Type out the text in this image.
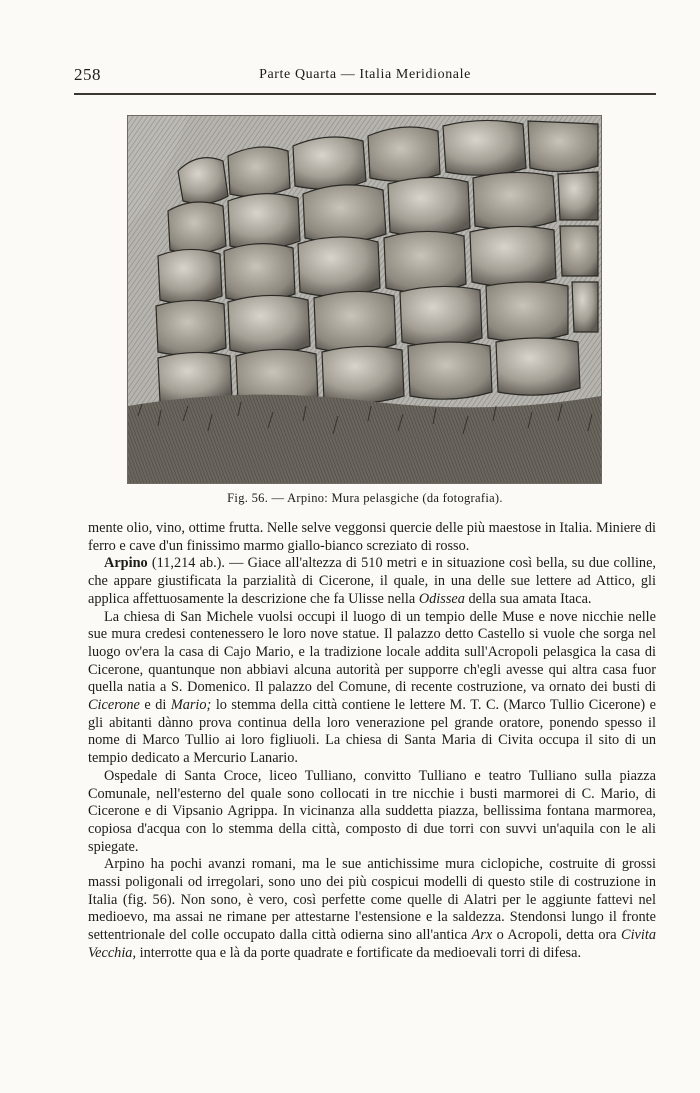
258	Parte Quarta — Italia Meridionale
Fig. 56. — Arpino: Mura pelasgiche (da fotografia).

mente olio, vino, ottime frutta. Nelle selve veggonsi quercie delle più maestose in Italia. Miniere di ferro e cave d'un finissimo marmo giallo-bianco screziato di rosso.

Arpino (11,214 ab.). — Giace all'altezza di 510 metri e in situazione così bella, su due colline, che appare giustificata la parzialità di Cicerone, il quale, in una delle sue lettere ad Attico, gli applica affettuosamente la descrizione che fa Ulisse nella Odissea della sua amata Itaca.

La chiesa di San Michele vuolsi occupi il luogo di un tempio delle Muse e nove nicchie nelle sue mura credesi contenessero le loro nove statue. Il palazzo detto Castello si vuole che sorga nel luogo ov'era la casa di Cajo Mario, e la tradizione locale addita sull'Acropoli pelasgica la casa di Cicerone, quantunque non abbiavi alcuna autorità per supporre ch'egli avesse qui altra casa fuor quella natia a S. Domenico. Il palazzo del Comune, di recente costruzione, va ornato dei busti di Cicerone e di Mario; lo stemma della città contiene le lettere M. T. C. (Marco Tullio Cicerone) e gli abitanti dànno prova continua della loro venerazione pel grande oratore, ponendo spesso il nome di Marco Tullio ai loro figliuoli. La chiesa di Santa Maria di Civita occupa il sito di un tempio dedicato a Mercurio Lanario.

Ospedale di Santa Croce, liceo Tulliano, convitto Tulliano e teatro Tulliano sulla piazza Comunale, nell'esterno del quale sono collocati in tre nicchie i busti marmorei di C. Mario, di Cicerone e di Vipsanio Agrippa. In vicinanza alla suddetta piazza, bellissima fontana marmorea, copiosa d'acqua con lo stemma della città, composto di due torri con suvvi un'aquila con le ali spiegate.

Arpino ha pochi avanzi romani, ma le sue antichissime mura ciclopiche, costruite di grossi massi poligonali od irregolari, sono uno dei più cospicui modelli di questo stile di costruzione in Italia (fig. 56). Non sono, è vero, così perfette come quelle di Alatri per le aggiunte fattevi nel medioevo, ma assai ne rimane per attestarne l'estensione e la saldezza. Stendonsi lungo il fronte settentrionale del colle occupato dalla città odierna sino all'antica Arx o Acropoli, detta ora Civita Vecchia, interrotte qua e là da porte quadrate e fortificate da medioevali torri di difesa.
